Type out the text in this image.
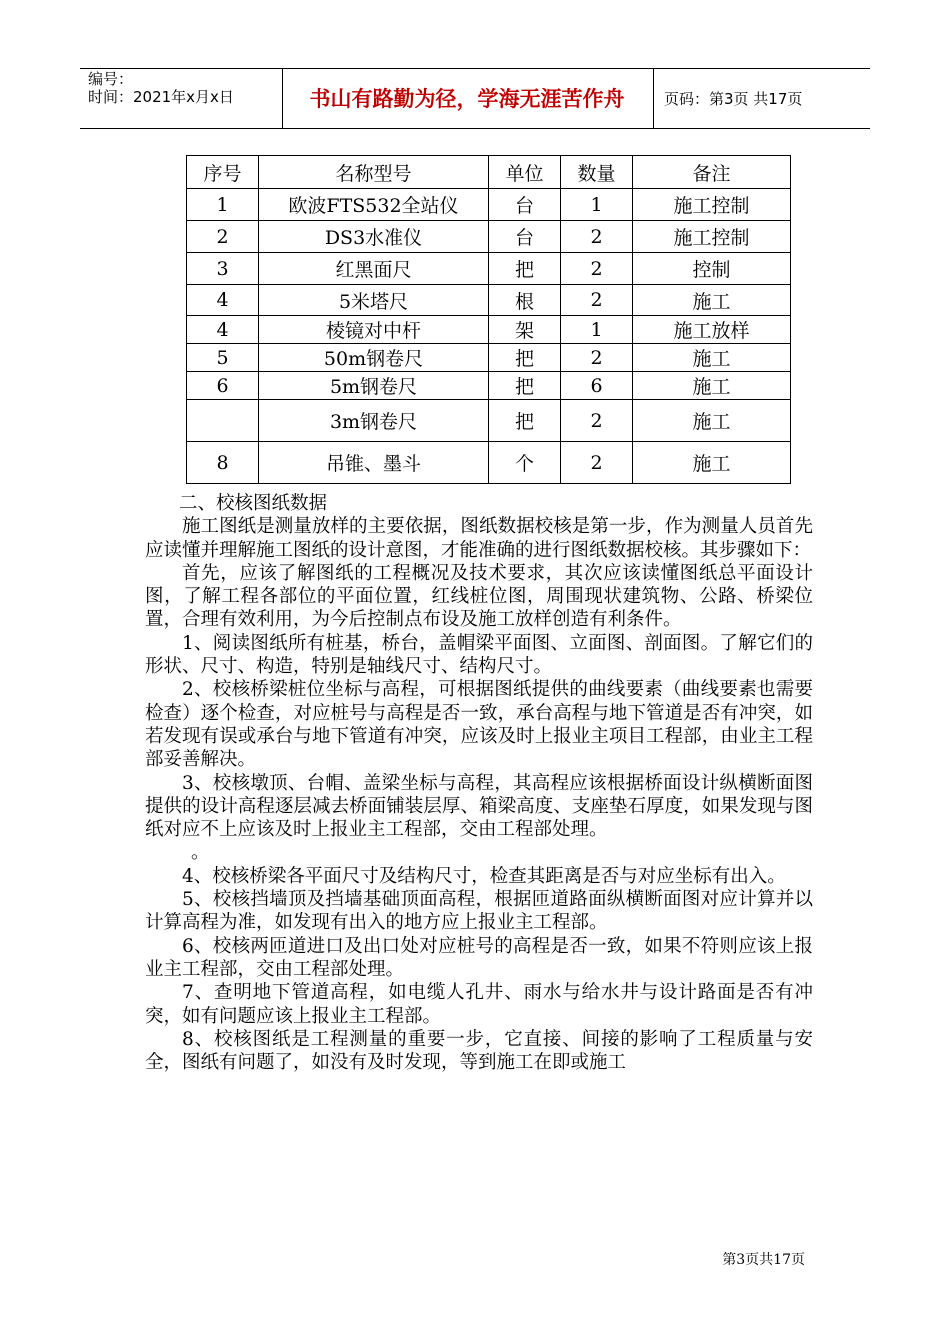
编号：
时间：2021年x月x日	书山有路勤为径，学海无涯苦作舟	页码：第3页 共17页
序号	名称型号	单位	数量	备注
1	欧波FTS532全站仪	台	1	施工控制
2	DS3水准仪	台	2	施工控制
3	红黑面尺	把	2	控制
4	5米塔尺	根	2	施工
4	棱镜对中杆	架	1	施工放样
5	50m钢卷尺	把	2	施工
6	5m钢卷尺	把	6	施工
	3m钢卷尺	把	2	施工
8	吊锥、墨斗	个	2	施工

二、校核图纸数据

施工图纸是测量放样的主要依据，图纸数据校核是第一步，作为测量人员首先应读懂并理解施工图纸的设计意图，才能准确的进行图纸数据校核。其步骤如下：

首先，应该了解图纸的工程概况及技术要求，其次应该读懂图纸总平面设计图，了解工程各部位的平面位置，红线桩位图，周围现状建筑物、公路、桥梁位置，合理有效利用，为今后控制点布设及施工放样创造有利条件。

1、阅读图纸所有桩基，桥台，盖帽梁平面图、立面图、剖面图。了解它们的形状、尺寸、构造，特别是轴线尺寸、结构尺寸。

2、校核桥梁桩位坐标与高程，可根据图纸提供的曲线要素（曲线要素也需要检查）逐个检查，对应桩号与高程是否一致，承台高程与地下管道是否有冲突，如若发现有误或承台与地下管道有冲突，应该及时上报业主项目工程部，由业主工程部妥善解决。

3、校核墩顶、台帽、盖梁坐标与高程，其高程应该根据桥面设计纵横断面图提供的设计高程逐层减去桥面铺装层厚、箱梁高度、支座垫石厚度，如果发现与图纸对应不上应该及时上报业主工程部，交由工程部处理。

。

4、校核桥梁各平面尺寸及结构尺寸，检查其距离是否与对应坐标有出入。

5、校核挡墙顶及挡墙基础顶面高程，根据匝道路面纵横断面图对应计算并以计算高程为准，如发现有出入的地方应上报业主工程部。

6、校核两匝道进口及出口处对应桩号的高程是否一致，如果不符则应该上报业主工程部，交由工程部处理。

7、查明地下管道高程，如电缆人孔井、雨水与给水井与设计路面是否有冲突，如有问题应该上报业主工程部。

8、校核图纸是工程测量的重要一步，它直接、间接的影响了工程质量与安全，图纸有问题了，如没有及时发现，等到施工在即或施工

第3页共17页
